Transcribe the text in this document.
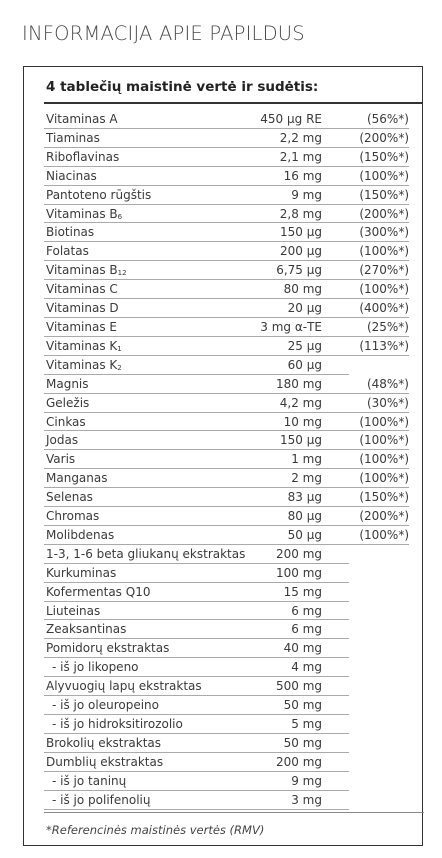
INFORMACIJA APIE PAPILDUS
4 tablečių maistinė vertė ir sudėtis:
Vitaminas A	450 µg RE	(56%*)
Tiaminas	2,2 mg	(200%*)
Riboflavinas	2,1 mg	(150%*)
Niacinas	16 mg	(100%*)
Pantoteno rūgštis	9 mg	(150%*)
Vitaminas $B_6$	2,8 mg	(200%*)
Biotinas	150 µg	(300%*)
Folatas	200 µg	(100%*)
Vitaminas $B_{12}$	6,75 µg	(270%*)
Vitaminas C	80 mg	(100%*)
Vitaminas D	20 µg	(400%*)
Vitaminas E	3 mg α-TE	(25%*)
Vitaminas $K_1$	25 µg	(113%*)
Vitaminas $K_2$	60 µg
Magnis	180 mg	(48%*)
Geležis	4,2 mg	(30%*)
Cinkas	10 mg	(100%*)
Jodas	150 µg	(100%*)
Varis	1 mg	(100%*)
Manganas	2 mg	(100%*)
Selenas	83 µg	(150%*)
Chromas	80 µg	(200%*)
Molibdenas	50 µg	(100%*)
1-3, 1-6 beta gliukanų ekstraktas	200 mg
Kurkuminas	100 mg
Kofermentas Q10	15 mg
Liuteinas	6 mg
Zeaksantinas	6 mg
Pomidorų ekstraktas	40 mg
- iš jo likopeno	4 mg
Alyvuogių lapų ekstraktas	500 mg
- iš jo oleuropeino	50 mg
- iš jo hidroksitirozolio	5 mg
Brokolių ekstraktas	50 mg
Dumblių ekstraktas	200 mg
- iš jo taninų	9 mg
- iš jo polifenolių	3 mg
*Referencinės maistinės vertės (RMV)
